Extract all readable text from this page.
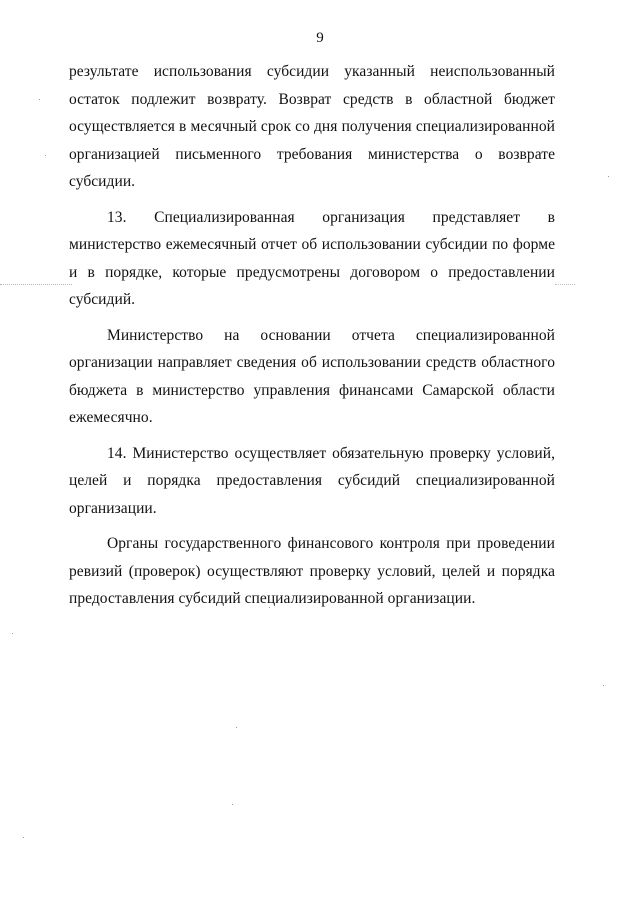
9

результате использования субсидии указанный неиспользованный остаток подлежит возврату. Возврат средств в областной бюджет осуществляется в месячный срок со дня получения специализированной организацией письменного требования министерства о возврате субсидии.

13. Специализированная организация представляет в министерство ежемесячный отчет об использовании субсидии по форме и в порядке, которые предусмотрены договором о предоставлении субсидий.

Министерство на основании отчета специализированной организации направляет сведения об использовании средств областного бюджета в министерство управления финансами Самарской области ежемесячно.

14. Министерство осуществляет обязательную проверку условий, целей и порядка предоставления субсидий специализированной организации.

Органы государственного финансового контроля при проведении ревизий (проверок) осуществляют проверку условий, целей и порядка предоставления субсидий специализированной организации.
